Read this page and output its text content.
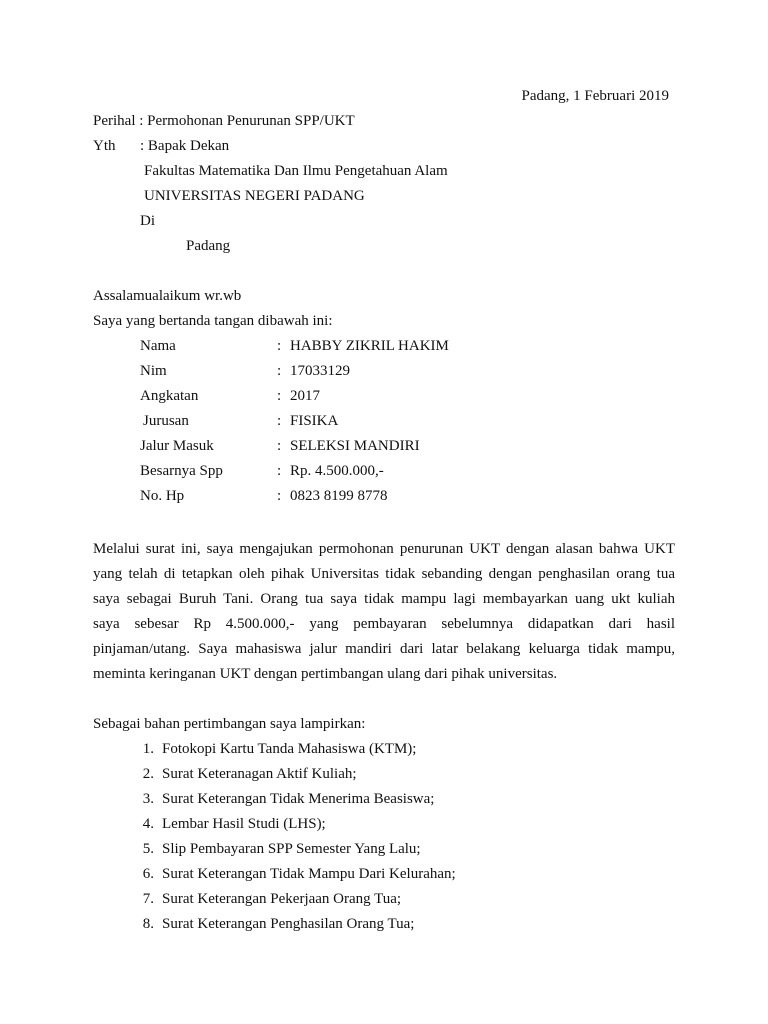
Padang, 1 Februari 2019
Perihal : Permohonan Penurunan SPP/UKT
Yth : Bapak Dekan
Fakultas Matematika Dan Ilmu Pengetahuan Alam
UNIVERSITAS NEGERI PADANG
Di
Padang
Assalamualaikum wr.wb
Saya yang bertanda tangan dibawah ini:
Nama	: HABBY ZIKRIL HAKIM
Nim	: 17033129
Angkatan	: 2017
Jurusan	: FISIKA
Jalur Masuk	: SELEKSI MANDIRI
Besarnya Spp	: Rp. 4.500.000,-
No. Hp	: 0823 8199 8778
Melalui surat ini, saya mengajukan permohonan penurunan UKT dengan alasan bahwa UKT
yang telah di tetapkan oleh pihak Universitas tidak sebanding dengan penghasilan orang tua
saya sebagai Buruh Tani. Orang tua saya tidak mampu lagi membayarkan uang ukt kuliah
saya sebesar Rp 4.500.000,- yang pembayaran sebelumnya didapatkan dari hasil
pinjaman/utang. Saya mahasiswa jalur mandiri dari latar belakang keluarga tidak mampu,
meminta keringanan UKT dengan pertimbangan ulang dari pihak universitas.
Sebagai bahan pertimbangan saya lampirkan:
1. Fotokopi Kartu Tanda Mahasiswa (KTM);
2. Surat Keteranagan Aktif Kuliah;
3. Surat Keterangan Tidak Menerima Beasiswa;
4. Lembar Hasil Studi (LHS);
5. Slip Pembayaran SPP Semester Yang Lalu;
6. Surat Keterangan Tidak Mampu Dari Kelurahan;
7. Surat Keterangan Pekerjaan Orang Tua;
8. Surat Keterangan Penghasilan Orang Tua;
